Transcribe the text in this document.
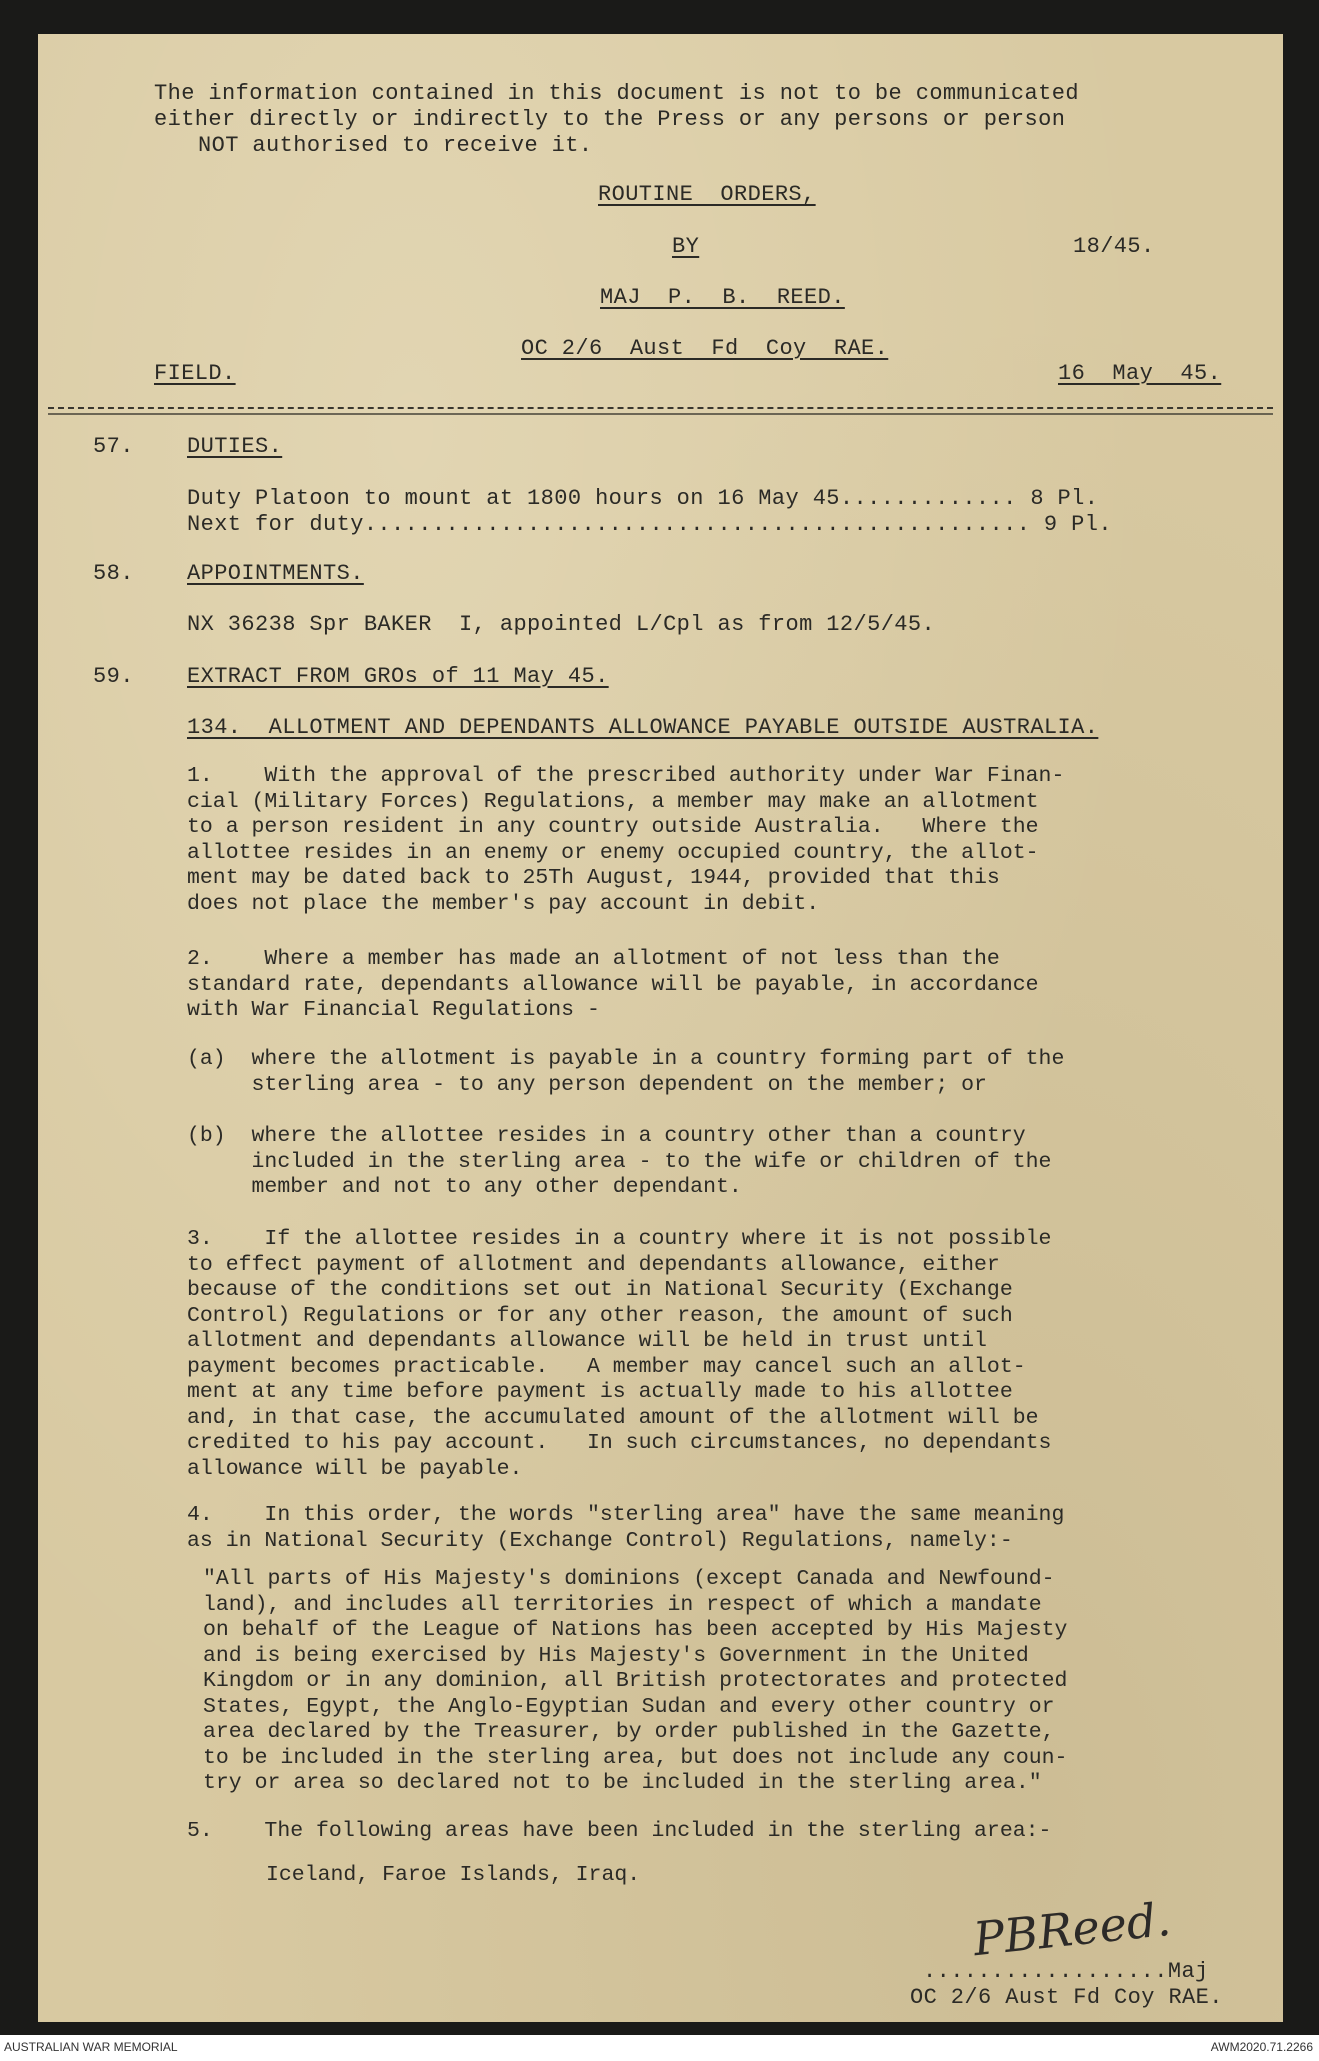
The information contained in this document is not to be communicated
either directly or indirectly to the Press or any persons or person
NOT authorised to receive it.
ROUTINE  ORDERS,
BY	18/45.
MAJ  P.  B.  REED.
OC 2/6  Aust  Fd  Coy  RAE.
FIELD.	16  May  45.
57. DUTIES.
Duty Platoon to mount at 1800 hours on 16 May 45............. 8 Pl.
Next for duty................................................. 9 Pl.
58. APPOINTMENTS.
NX 36238 Spr BAKER  I, appointed L/Cpl as from 12/5/45.
59. EXTRACT FROM GROs of 11 May 45.
134.  ALLOTMENT AND DEPENDANTS ALLOWANCE PAYABLE OUTSIDE AUSTRALIA.
1.    With the approval of the prescribed authority under War Finan-
cial (Military Forces) Regulations, a member may make an allotment
to a person resident in any country outside Australia.   Where the
allottee resides in an enemy or enemy occupied country, the allot-
ment may be dated back to 25Th August, 1944, provided that this
does not place the member's pay account in debit.
2.    Where a member has made an allotment of not less than the
standard rate, dependants allowance will be payable, in accordance
with War Financial Regulations -
(a)  where the allotment is payable in a country forming part of the
sterling area - to any person dependent on the member; or
(b)  where the allottee resides in a country other than a country
included in the sterling area - to the wife or children of the
member and not to any other dependant.
3.    If the allottee resides in a country where it is not possible
to effect payment of allotment and dependants allowance, either
because of the conditions set out in National Security (Exchange
Control) Regulations or for any other reason, the amount of such
allotment and dependants allowance will be held in trust until
payment becomes practicable.   A member may cancel such an allot-
ment at any time before payment is actually made to his allottee
and, in that case, the accumulated amount of the allotment will be
credited to his pay account.   In such circumstances, no dependants
allowance will be payable.
4.    In this order, the words "sterling area" have the same meaning
as in National Security (Exchange Control) Regulations, namely:-
"All parts of His Majesty's dominions (except Canada and Newfound-
land), and includes all territories in respect of which a mandate
on behalf of the League of Nations has been accepted by His Majesty
and is being exercised by His Majesty's Government in the United
Kingdom or in any dominion, all British protectorates and protected
States, Egypt, the Anglo-Egyptian Sudan and every other country or
area declared by the Treasurer, by order published in the Gazette,
to be included in the sterling area, but does not include any coun-
try or area so declared not to be included in the sterling area."
5.    The following areas have been included in the sterling area:-
Iceland, Faroe Islands, Iraq.
PBReed.
..................Maj
OC 2/6 Aust Fd Coy RAE.
AUSTRALIAN WAR MEMORIAL	AWM2020.71.2266
